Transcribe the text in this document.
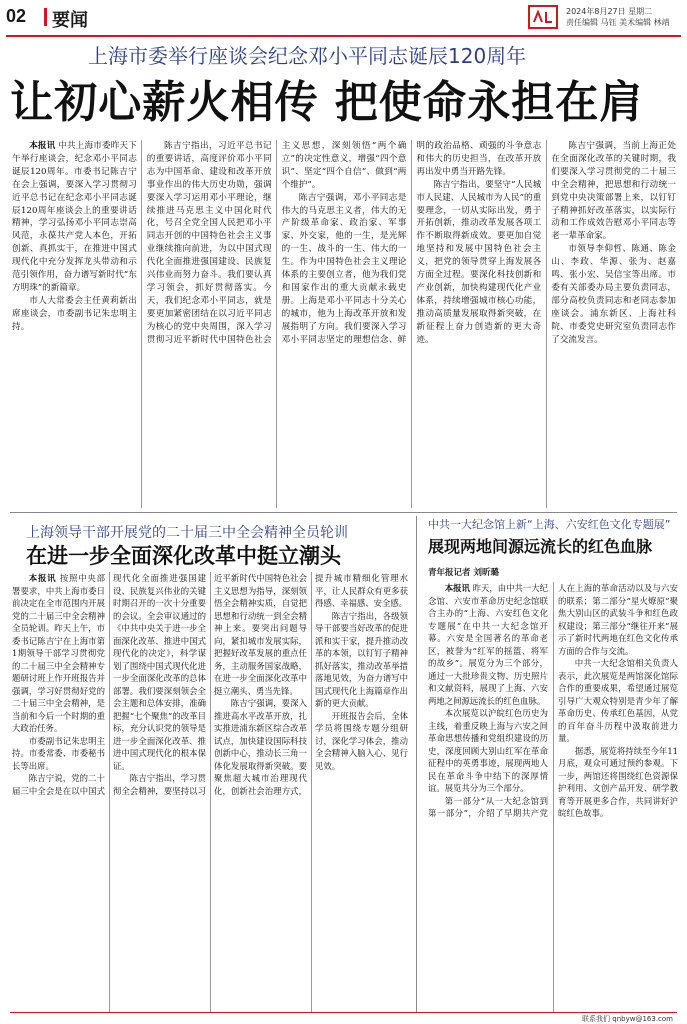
02 要闻	2024年8月27日 星期二
责任编辑 马钰 美术编辑 林靖
上海市委举行座谈会纪念邓小平同志诞辰120周年
让初心薪火相传 把使命永担在肩

本报讯 中共上海市委昨天下午举行座谈会，纪念邓小平同志诞辰120周年。市委书记陈吉宁在会上强调，要深入学习贯彻习近平总书记在纪念邓小平同志诞辰120周年座谈会上的重要讲话精神，学习弘扬邓小平同志崇高风范，永葆共产党人本色，开拓创新、真抓实干，在推进中国式现代化中充分发挥龙头带动和示范引领作用，奋力谱写新时代“东方明珠”的新篇章。

市人大常委会主任黄莉新出席座谈会，市委副书记朱忠明主持。

陈吉宁指出，习近平总书记的重要讲话，高度评价邓小平同志为中国革命、建设和改革开放事业作出的伟大历史功勋，强调要深入学习运用邓小平理论，继续推进马克思主义中国化时代化，号召全党全国人民把邓小平同志开创的中国特色社会主义事业继续推向前进，为以中国式现代化全面推进强国建设、民族复兴伟业而努力奋斗。我们要认真学习领会，抓好贯彻落实。今天，我们纪念邓小平同志，就是要更加紧密团结在以习近平同志为核心的党中央周围，深入学习贯彻习近平新时代中国特色社会主义思想，深刻领悟“两个确立”的决定性意义，增强“四个意识”、坚定“四个自信”、做到“两个维护”。

陈吉宁强调，邓小平同志是伟大的马克思主义者，伟大的无产阶级革命家、政治家、军事家、外交家，他的一生，是光辉的一生、战斗的一生、伟大的一生。作为中国特色社会主义理论体系的主要创立者，他为我们党和国家作出的重大贡献永载史册。上海是邓小平同志十分关心的城市，他为上海改革开放和发展指明了方向。我们要深入学习邓小平同志坚定的理想信念、鲜明的政治品格、顽强的斗争意志和伟大的历史担当，在改革开放再出发中勇当开路先锋。

陈吉宁指出，要坚守“人民城市人民建、人民城市为人民”的重要理念，一切从实际出发，勇于开拓创新，推动改革发展各项工作不断取得新成效。要更加自觉地坚持和发展中国特色社会主义，把党的领导贯穿上海发展各方面全过程。要深化科技创新和产业创新，加快构建现代化产业体系，持续增强城市核心功能，推动高质量发展取得新突破，在新征程上奋力创造新的更大奇迹。

陈吉宁强调，当前上海正处在全面深化改革的关键时期，我们要深入学习贯彻党的二十届三中全会精神，把思想和行动统一到党中央决策部署上来，以钉钉子精神抓好改革落实，以实际行动和工作成效告慰邓小平同志等老一辈革命家。

市领导李仰哲、陈通、陈金山、李政、华源、张为、赵嘉鸣、张小宏、吴信宝等出席。市委有关部委办局主要负责同志，部分高校负责同志和老同志参加座谈会。浦东新区、上海社科院、市委党史研究室负责同志作了交流发言。

上海领导干部开展党的二十届三中全会精神全员轮训
在进一步全面深化改革中挺立潮头

本报讯 按照中央部署要求，中共上海市委日前决定在全市范围内开展党的二十届三中全会精神全员轮训。昨天上午，市委书记陈吉宁在上海市第1期领导干部学习贯彻党的二十届三中全会精神专题研讨班上作开班报告并强调，学习好贯彻好党的二十届三中全会精神，是当前和今后一个时期的重大政治任务。

市委副书记朱忠明主持。市委常委、市委秘书长等出席。

陈吉宁说，党的二十届三中全会是在以中国式现代化全面推进强国建设、民族复兴伟业的关键时期召开的一次十分重要的会议。全会审议通过的《中共中央关于进一步全面深化改革、推进中国式现代化的决定》，科学谋划了围绕中国式现代化进一步全面深化改革的总体部署。我们要深刻领会全会主题和总体安排，准确把握“七个聚焦”的改革目标，充分认识党的领导是进一步全面深化改革、推进中国式现代化的根本保证。

陈吉宁指出，学习贯彻全会精神，要坚持以习近平新时代中国特色社会主义思想为指导，深刻领悟全会精神实质，自觉把思想和行动统一到全会精神上来。要突出问题导向，紧扣城市发展实际，把握好改革发展的重点任务，主动服务国家战略，在进一步全面深化改革中挺立潮头、勇当先锋。

陈吉宁强调，要深入推进高水平改革开放，扎实推进浦东新区综合改革试点，加快建设国际科技创新中心，推动长三角一体化发展取得新突破。要聚焦超大城市治理现代化，创新社会治理方式，提升城市精细化管理水平，让人民群众有更多获得感、幸福感、安全感。

陈吉宁指出，各级领导干部要当好改革的促进派和实干家，提升推动改革的本领，以钉钉子精神抓好落实，推动改革举措落地见效，为奋力谱写中国式现代化上海篇章作出新的更大贡献。

开班报告会后，全体学员将围绕专题分组研讨，深化学习体会，推动全会精神入脑入心、见行见效。

中共一大纪念馆上新“上海、六安红色文化专题展”
展现两地间源远流长的红色血脉
青年报记者 刘昕璐

本报讯 昨天，由中共一大纪念馆、六安市革命历史纪念馆联合主办的“上海、六安红色文化专题展”在中共一大纪念馆开幕。六安是全国著名的革命老区，被誉为“红军的摇篮、将军的故乡”。展览分为三个部分，通过一大批珍贵文物、历史照片和文献资料，展现了上海、六安两地之间源远流长的红色血脉。

本次展览以沪皖红色历史为主线，着重反映上海与六安之间革命思想传播和党组织建设的历史，深度回顾大别山红军在革命征程中的英勇事迹，展现两地人民在革命斗争中结下的深厚情谊。展览共分为三个部分。

第一部分“从一大纪念馆到第一部分”，介绍了早期共产党人在上海的革命活动以及与六安的联系；第二部分“星火燎原”聚焦大别山区的武装斗争和红色政权建设；第三部分“继往开来”展示了新时代两地在红色文化传承方面的合作与交流。

中共一大纪念馆相关负责人表示，此次展览是两馆深化馆际合作的重要成果，希望通过展览引导广大观众特别是青少年了解革命历史、传承红色基因，从党的百年奋斗历程中汲取前进力量。

据悉，展览将持续至今年11月底，观众可通过预约参观。下一步，两馆还将围绕红色资源保护利用、文创产品开发、研学教育等开展更多合作，共同讲好沪皖红色故事。

联系我们 qnbyw@163.com
